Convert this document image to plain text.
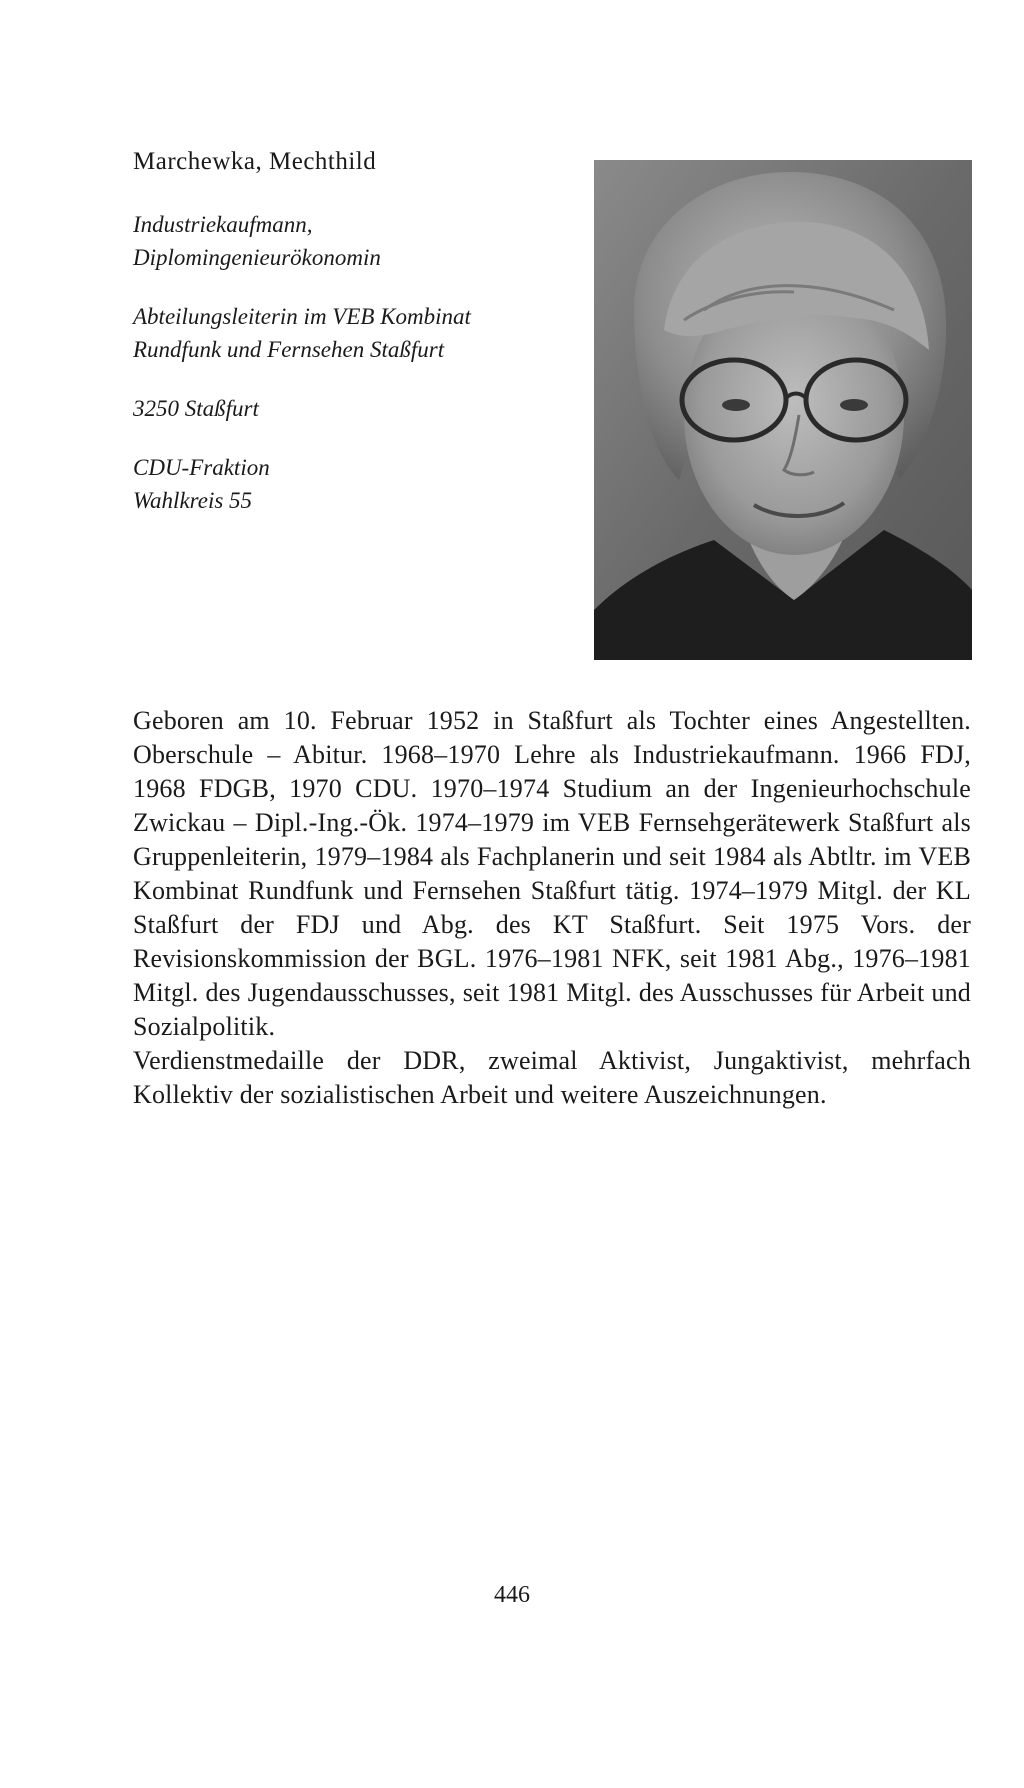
Marchewka, Mechthild

Industriekaufmann,
Diplomingenieurökonomin

Abteilungsleiterin im VEB Kombinat
Rundfunk und Fernsehen Staßfurt

3250 Staßfurt

CDU-Fraktion
Wahlkreis 55

Geboren am 10. Februar 1952 in Staßfurt als Tochter eines Angestellten. Oberschule – Abitur. 1968–1970 Lehre als Industriekaufmann. 1966 FDJ, 1968 FDGB, 1970 CDU. 1970–1974 Studium an der Ingenieurhochschule Zwickau – Dipl.-Ing.-Ök. 1974–1979 im VEB Fernsehgerätewerk Staßfurt als Gruppenleiterin, 1979–1984 als Fachplanerin und seit 1984 als Abtltr. im VEB Kombinat Rundfunk und Fernsehen Staßfurt tätig. 1974–1979 Mitgl. der KL Staßfurt der FDJ und Abg. des KT Staßfurt. Seit 1975 Vors. der Revisionskommission der BGL. 1976–1981 NFK, seit 1981 Abg., 1976–1981 Mitgl. des Jugendausschusses, seit 1981 Mitgl. des Ausschusses für Arbeit und Sozialpolitik.

Verdienstmedaille der DDR, zweimal Aktivist, Jungaktivist, mehrfach Kollektiv der sozialistischen Arbeit und weitere Auszeichnungen.

446
